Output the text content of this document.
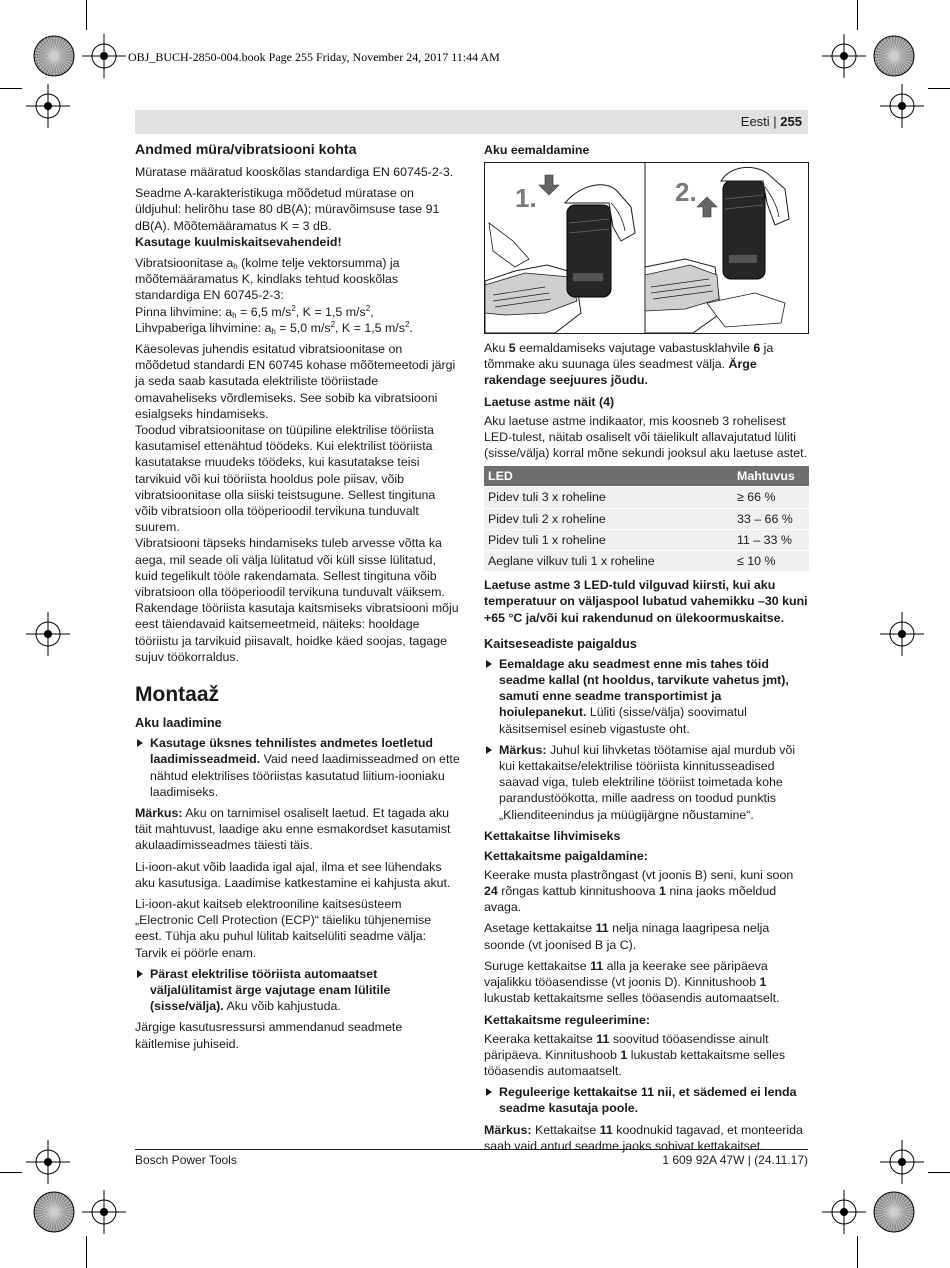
OBJ_BUCH-2850-004.book Page 255 Friday, November 24, 2017 11:44 AM
Eesti | 255
Andmed müra/vibratsiooni kohta

Müratase määratud kooskõlas standardiga EN 60745-2-3.

Seadme A-karakteristikuga mõõdetud müratase on üldjuhul: helirõhu tase 80 dB(A); müravõimsuse tase 91 dB(A). Mõõtemääramatus K = 3 dB.
Kasutage kuulmiskaitsevahendeid!

Vibratsioonitase $a_h$ (kolme telje vektorsumma) ja mõõtemääramatus K, kindlaks tehtud kooskõlas standardiga EN 60745-2-3:
Pinna lihvimine: $a_h = 6,5$ $m/s^2$, K = 1,5 $m/s^2$,
Lihvpaberiga lihvimine: $a_h = 5,0$ $m/s^2$, K = 1,5 $m/s^2$.

Käesolevas juhendis esitatud vibratsioonitase on mõõdetud standardi EN 60745 kohase mõõtemeetodi järgi ja seda saab kasutada elektriliste tööriistade omavaheliseks võrdlemiseks. See sobib ka vibratsiooni esialgseks hindamiseks.

Toodud vibratsioonitase on tüüpiline elektrilise tööriista kasutamisel ettenähtud töödeks. Kui elektrilist tööriista kasutatakse muudeks töödeks, kui kasutatakse teisi tarvikuid või kui tööriista hooldus pole piisav, võib vibratsioonitase olla siiski teistsugune. Sellest tingituna võib vibratsioon olla tööperioodil tervikuna tunduvalt suurem.

Vibratsiooni täpseks hindamiseks tuleb arvesse võtta ka aega, mil seade oli välja lülitatud või küll sisse lülitatud, kuid tegelikult tööle rakendamata. Sellest tingituna võib vibratsioon olla tööperioodil tervikuna tunduvalt väiksem.

Rakendage tööriista kasutaja kaitsmiseks vibratsiooni mõju eest täiendavaid kaitsemeetmeid, näiteks: hooldage tööriistu ja tarvikuid piisavalt, hoidke käed soojas, tagage sujuv töökorraldus.

Montaaž
Aku laadimine

Kasutage üksnes tehnilistes andmetes loetletud laadimisseadmeid. Vaid need laadimisseadmed on ette nähtud elektrilises tööriistas kasutatud liitium-iooniaku laadimiseks.

Märkus: Aku on tarnimisel osaliselt laetud. Et tagada aku täit mahtuvust, laadige aku enne esmakordset kasutamist akulaadimisseadmes täiesti täis.

Li-ioon-akut võib laadida igal ajal, ilma et see lühendaks aku kasutusiga. Laadimise katkestamine ei kahjusta akut.

Li-ioon-akut kaitseb elektrooniline kaitsesüsteem „Electronic Cell Protection (ECP)“ täieliku tühjenemise eest. Tühja aku puhul lülitab kaitselüliti seadme välja: Tarvik ei pöörle enam.

Pärast elektrilise tööriista automaatset väljalülitamist ärge vajutage enam lülitile (sisse/välja). Aku võib kahjustuda.

Järgige kasutusressursi ammendanud seadmete käitlemise juhiseid.

Aku eemaldamine
1.	2.

Aku 5 eemaldamiseks vajutage vabastusklahvile 6 ja tõmmake aku suunaga üles seadmest välja. Ärge rakendage seejuures jõudu.

Laetuse astme näit (4)

Aku laetuse astme indikaator, mis koosneb 3 rohelisest LED-tulest, näitab osaliselt või täielikult allavajutatud lüliti (sisse/välja) korral mõne sekundi jooksul aku laetuse astet.

LED	Mahtuvus
Pidev tuli 3 x roheline	≥ 66 %
Pidev tuli 2 x roheline	33 – 66 %
Pidev tuli 1 x roheline	11 – 33 %
Aeglane vilkuv tuli 1 x roheline	≤ 10 %

Laetuse astme 3 LED-tuld vilguvad kiirsti, kui aku temperatuur on väljaspool lubatud vahemikku –30 kuni +65 °C ja/või kui rakendunud on ülekoormuskaitse.

Kaitseseadiste paigaldus

Eemaldage aku seadmest enne mis tahes töid seadme kallal (nt hooldus, tarvikute vahetus jmt), samuti enne seadme transportimist ja hoiulepanekut. Lüliti (sisse/välja) soovimatul käsitsemisel esineb vigastuste oht.

Märkus: Juhul kui lihvketas töötamise ajal murdub või kui kettakaitse/elektrilise tööriista kinnitusseadised saavad viga, tuleb elektriline tööriist toimetada kohe parandustöökotta, mille aadress on toodud punktis „Klienditeenindus ja müügijärgne nõustamine“.

Kettakaitse lihvimiseks
Kettakaitsme paigaldamine:

Keerake musta plastrõngast (vt joonis B) seni, kuni soon 24 rõngas kattub kinnitushoova 1 nina jaoks mõeldud avaga.

Asetage kettakaitse 11 nelja ninaga laagripesa nelja soonde (vt joonised B ja C).

Suruge kettakaitse 11 alla ja keerake see päripäeva vajalikku tööasendisse (vt joonis D). Kinnitushoob 1 lukustab kettakaitsme selles tööasendis automaatselt.

Kettakaitsme reguleerimine:

Keeraka kettakaitse 11 soovitud tööasendisse ainult päripäeva. Kinnitushoob 1 lukustab kettakaitsme selles tööasendis automaatselt.

Reguleerige kettakaitse 11 nii, et sädemed ei lenda seadme kasutaja poole.

Märkus: Kettakaitse 11 koodnukid tagavad, et monteerida saab vaid antud seadme jaoks sobivat kettakaitset.

Bosch Power Tools	1 609 92A 47W | (24.11.17)
